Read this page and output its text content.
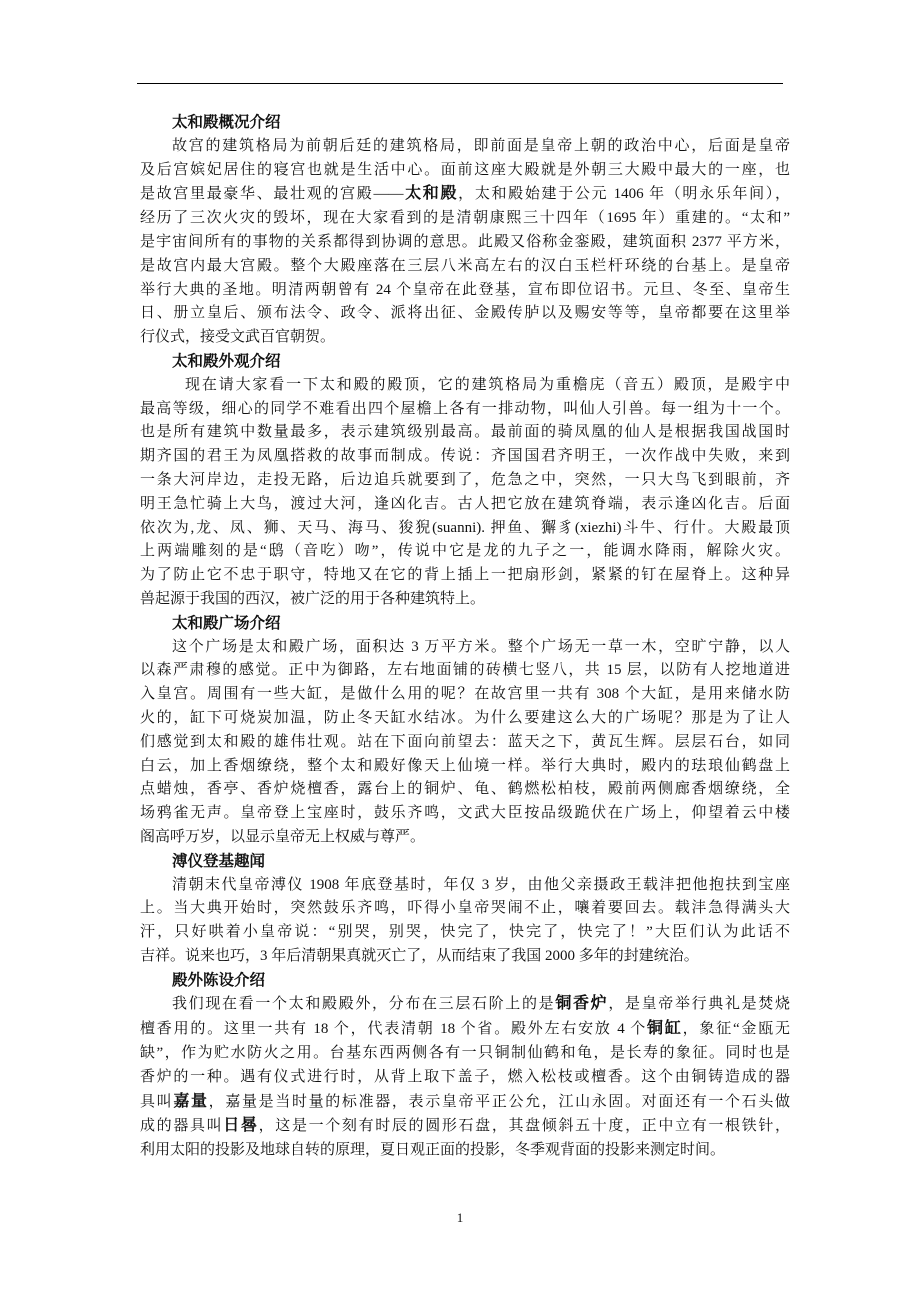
太和殿概况介绍
故宫的建筑格局为前朝后廷的建筑格局，即前面是皇帝上朝的政治中心，后面是皇帝
及后宫嫔妃居住的寝宫也就是生活中心。面前这座大殿就是外朝三大殿中最大的一座，也
是故宫里最豪华、最壮观的宫殿——太和殿，太和殿始建于公元 1406 年（明永乐年间），
经历了三次火灾的毁坏，现在大家看到的是清朝康熙三十四年（1695 年）重建的。“太和”
是宇宙间所有的事物的关系都得到协调的意思。此殿又俗称金銮殿，建筑面积 2377 平方米，
是故宫内最大宫殿。整个大殿座落在三层八米高左右的汉白玉栏杆环绕的台基上。是皇帝
举行大典的圣地。明清两朝曾有 24 个皇帝在此登基，宣布即位诏书。元旦、冬至、皇帝生
日、册立皇后、颁布法令、政令、派将出征、金殿传胪以及赐安等等，皇帝都要在这里举
行仪式，接受文武百官朝贺。
太和殿外观介绍
现在请大家看一下太和殿的殿顶，它的建筑格局为重檐庑（音五）殿顶，是殿宇中
最高等级，细心的同学不难看出四个屋檐上各有一排动物，叫仙人引兽。每一组为十一个。
也是所有建筑中数量最多，表示建筑级别最高。最前面的骑凤凰的仙人是根据我国战国时
期齐国的君王为凤凰搭救的故事而制成。传说：齐国国君齐明王，一次作战中失败，来到
一条大河岸边，走投无路，后边追兵就要到了，危急之中，突然，一只大鸟飞到眼前，齐
明王急忙骑上大鸟，渡过大河，逢凶化吉。古人把它放在建筑脊端，表示逢凶化吉。后面
依次为,龙、凤、狮、天马、海马、狻猊(suanni). 押鱼、獬豸(xiezhi)斗牛、行什。大殿最顶
上两端雕刻的是“鸱（音吃）吻”，传说中它是龙的九子之一，能调水降雨，解除火灾。
为了防止它不忠于职守，特地又在它的背上插上一把扇形剑，紧紧的钉在屋脊上。这种异
兽起源于我国的西汉，被广泛的用于各种建筑特上。
太和殿广场介绍
这个广场是太和殿广场，面积达 3 万平方米。整个广场无一草一木，空旷宁静，以人
以森严肃穆的感觉。正中为御路，左右地面铺的砖横七竖八，共 15 层，以防有人挖地道进
入皇宫。周围有一些大缸，是做什么用的呢？在故宫里一共有 308 个大缸，是用来储水防
火的，缸下可烧炭加温，防止冬天缸水结冰。为什么要建这么大的广场呢？那是为了让人
们感觉到太和殿的雄伟壮观。站在下面向前望去：蓝天之下，黄瓦生辉。层层石台，如同
白云，加上香烟缭绕，整个太和殿好像天上仙境一样。举行大典时，殿内的珐琅仙鹤盘上
点蜡烛，香亭、香炉烧檀香，露台上的铜炉、龟、鹤燃松柏枝，殿前两侧廊香烟缭绕，全
场鸦雀无声。皇帝登上宝座时，鼓乐齐鸣，文武大臣按品级跪伏在广场上，仰望着云中楼
阁高呼万岁，以显示皇帝无上权威与尊严。
溥仪登基趣闻
清朝末代皇帝溥仪 1908 年底登基时，年仅 3 岁，由他父亲摄政王载沣把他抱扶到宝座
上。当大典开始时，突然鼓乐齐鸣，吓得小皇帝哭闹不止，嚷着要回去。载沣急得满头大
汗，只好哄着小皇帝说：“别哭，别哭，快完了，快完了，快完了！”大臣们认为此话不
吉祥。说来也巧，3 年后清朝果真就灭亡了，从而结束了我国 2000 多年的封建统治。
殿外陈设介绍
我们现在看一个太和殿殿外，分布在三层石阶上的是铜香炉，是皇帝举行典礼是焚烧
檀香用的。这里一共有 18 个，代表清朝 18 个省。殿外左右安放 4 个铜缸，象征“金瓯无
缺”，作为贮水防火之用。台基东西两侧各有一只铜制仙鹤和龟，是长寿的象征。同时也是
香炉的一种。遇有仪式进行时，从背上取下盖子，燃入松枝或檀香。这个由铜铸造成的器
具叫嘉量，嘉量是当时量的标准器，表示皇帝平正公允，江山永固。对面还有一个石头做
成的器具叫日晷，这是一个刻有时辰的圆形石盘，其盘倾斜五十度，正中立有一根铁针，
利用太阳的投影及地球自转的原理，夏日观正面的投影，冬季观背面的投影来测定时间。
1
